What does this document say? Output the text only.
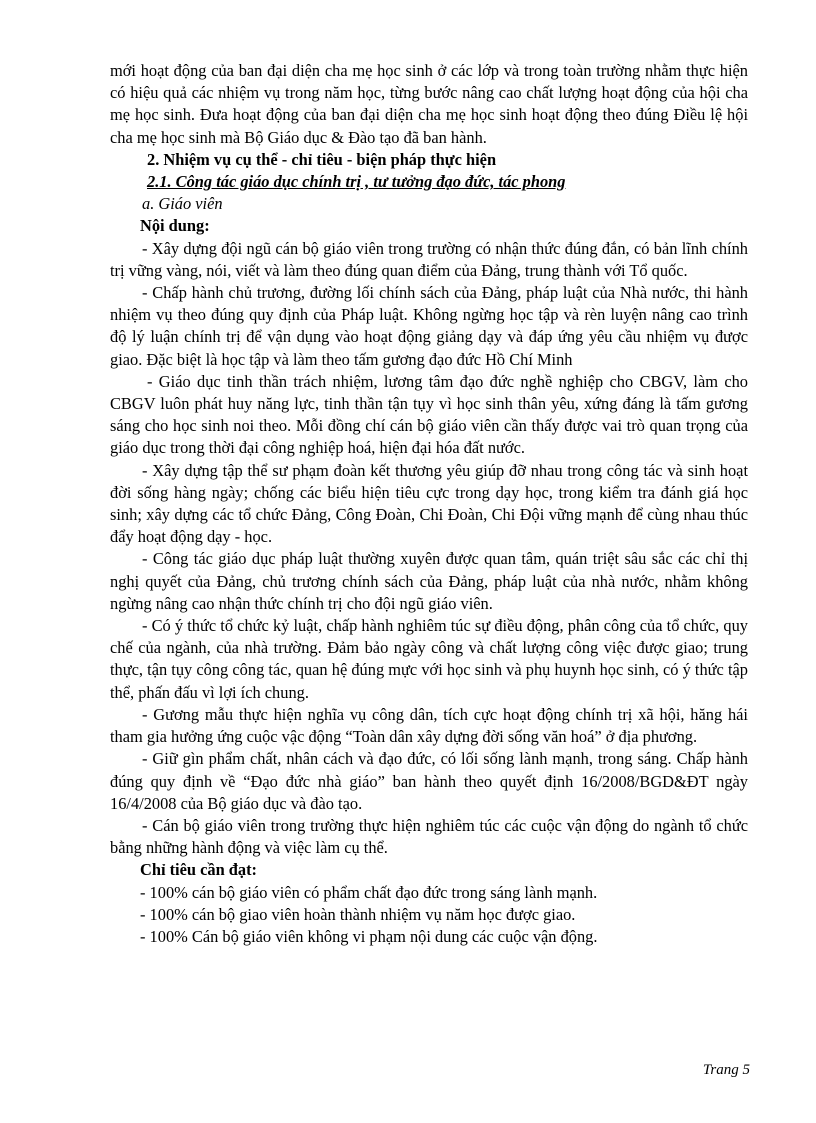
mới hoạt động của ban đại diện cha mẹ học sinh ở các lớp và trong toàn trường nhằm thực hiện có hiệu quả các nhiệm vụ trong năm học, từng bước nâng cao chất lượng hoạt động của hội cha mẹ học sinh. Đưa hoạt động của ban đại diện cha mẹ học sinh hoạt động theo đúng Điều lệ hội cha mẹ học sinh mà Bộ Giáo dục & Đào tạo đã ban hành.

2. Nhiệm vụ cụ thể - chỉ tiêu - biện pháp thực hiện

2.1. Công tác giáo dục chính trị , tư tưởng đạo đức, tác phong

a. Giáo viên

Nội dung:

- Xây dựng đội ngũ cán bộ giáo viên trong trường có nhận thức đúng đắn, có bản lĩnh chính trị vững vàng, nói, viết và làm theo đúng quan điểm của Đảng, trung thành với Tổ quốc.

- Chấp hành chủ trương, đường lối chính sách của Đảng, pháp luật của Nhà nước, thi hành nhiệm vụ theo đúng quy định của Pháp luật. Không ngừng học tập và rèn luyện nâng cao trình độ lý luận chính trị để vận dụng vào hoạt động giảng dạy và đáp ứng yêu cầu nhiệm vụ được giao. Đặc biệt là học tập và làm theo tấm gương đạo đức Hồ Chí Minh

- Giáo dục tinh thần trách nhiệm, lương tâm đạo đức nghề nghiệp cho CBGV, làm cho CBGV luôn phát huy năng lực, tinh thần tận tụy vì học sinh thân yêu, xứng đáng là tấm gương sáng cho học sinh noi theo. Mỗi đồng chí cán bộ giáo viên cần thấy được vai trò quan trọng của giáo dục trong thời đại công nghiệp hoá, hiện đại hóa đất nước.

- Xây dựng tập thể sư phạm đoàn kết thương yêu giúp đỡ nhau trong công tác và sinh hoạt đời sống hàng ngày; chống các biểu hiện tiêu cực trong dạy học, trong kiểm tra đánh giá học sinh; xây dựng các tổ chức Đảng, Công Đoàn, Chi Đoàn, Chi Đội vững mạnh để cùng nhau thúc đẩy hoạt động dạy - học.

- Công tác giáo dục pháp luật thường xuyên được quan tâm, quán triệt sâu sắc các chỉ thị nghị quyết của Đảng, chủ trương chính sách của Đảng, pháp luật của nhà nước, nhằm không ngừng nâng cao nhận thức chính trị cho đội ngũ giáo viên.

- Có ý thức tổ chức kỷ luật, chấp hành nghiêm túc sự điều động, phân công của tổ chức, quy chế của ngành, của nhà trường. Đảm bảo ngày công và chất lượng công việc được giao; trung thực, tận tụy công công tác, quan hệ đúng mực với học sinh và phụ huynh học sinh, có ý thức tập thể, phấn đấu vì lợi ích chung.

- Gương mẫu thực hiện nghĩa vụ công dân, tích cực hoạt động chính trị xã hội, hăng hái tham gia hưởng ứng cuộc vậc động “Toàn dân xây dựng đời sống văn hoá” ở địa phương.

- Giữ gìn phẩm chất, nhân cách và đạo đức, có lối sống lành mạnh, trong sáng. Chấp hành đúng quy định về “Đạo đức nhà giáo” ban hành theo quyết định 16/2008/BGD&ĐT ngày 16/4/2008 của Bộ giáo dục và đào tạo.

- Cán bộ giáo viên trong trường thực hiện nghiêm túc các cuộc vận động do ngành tổ chức bằng những hành động và việc làm cụ thể.

Chỉ tiêu cần đạt:

- 100% cán bộ giáo viên có phẩm chất đạo đức trong sáng lành mạnh.

- 100% cán bộ giao viên hoàn thành nhiệm vụ năm học được giao.

- 100% Cán bộ giáo viên không vi phạm nội dung các cuộc vận động.

Trang 5
